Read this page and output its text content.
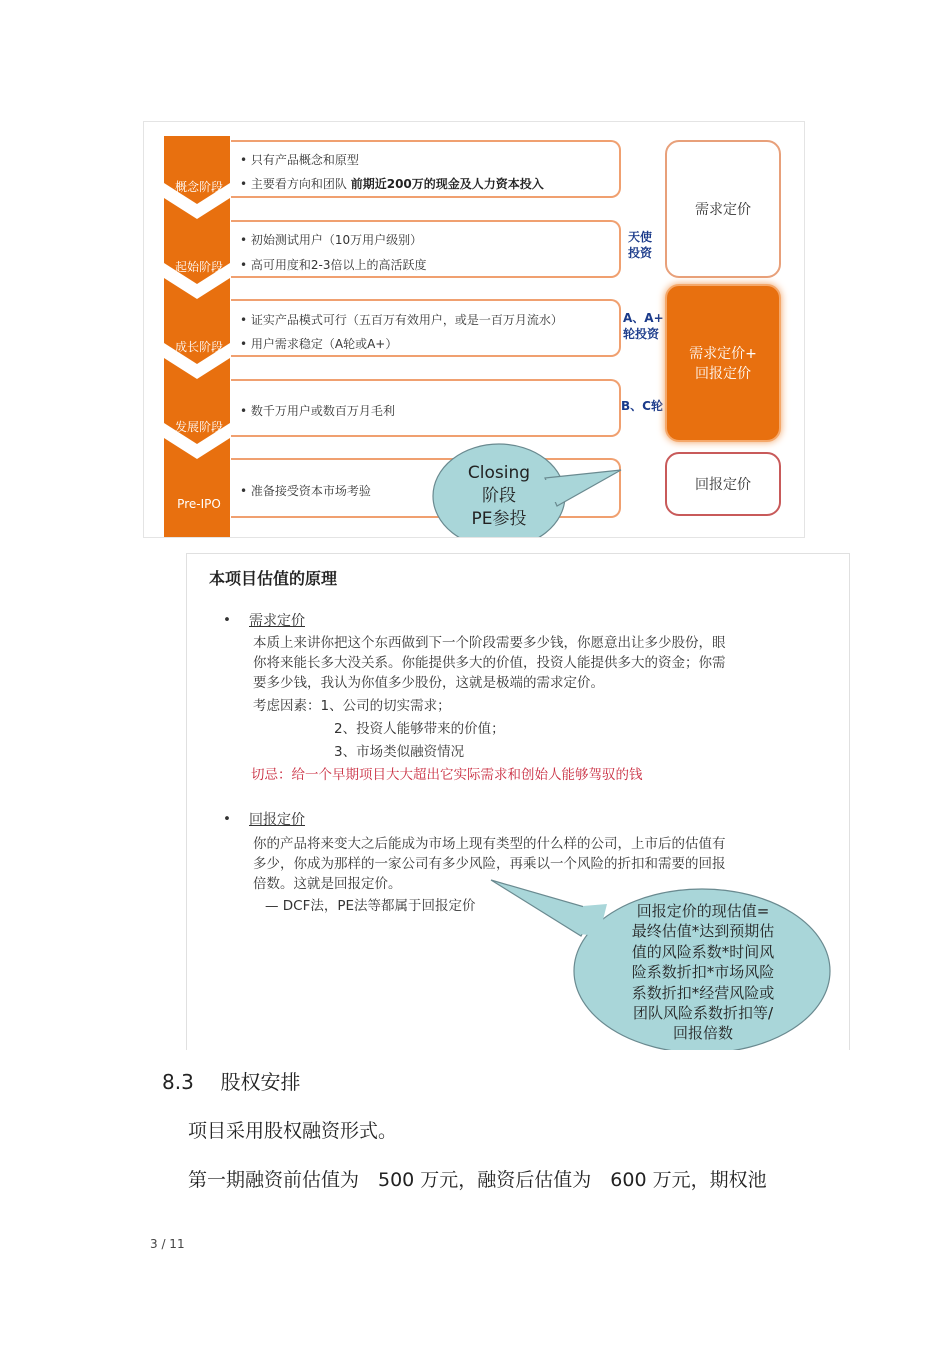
概念阶段
起始阶段
成长阶段
发展阶段
Pre-IPO
• 只有产品概念和原型
• 主要看方向和团队 前期近200万的现金及人力资本投入
• 初始测试用户（10万用户级别）
• 高可用度和2-3倍以上的高活跃度
• 证实产品模式可行（五百万有效用户，或是一百万月流水）
• 用户需求稳定（A轮或A+）
• 数千万用户或数百万月毛利
• 准备接受资本市场考验
天使
投资
A、A+
轮投资
B、C轮
需求定价
需求定价+
回报定价
回报定价
Closing
阶段
PE参投
本项目估值的原理
• 需求定价
本质上来讲你把这个东西做到下一个阶段需要多少钱，你愿意出让多少股份，眼
你将来能长多大没关系。你能提供多大的价值，投资人能提供多大的资金；你需
要多少钱，我认为你值多少股份，这就是极端的需求定价。
考虑因素：1、公司的切实需求；
2、投资人能够带来的价值；
3、市场类似融资情况
切忌：给一个早期项目大大超出它实际需求和创始人能够驾驭的钱
• 回报定价
你的产品将来变大之后能成为市场上现有类型的什么样的公司，上市后的估值有
多少，你成为那样的一家公司有多少风险，再乘以一个风险的折扣和需要的回报
倍数。这就是回报定价。
— DCF法，PE法等都属于回报定价	回报定价的现估值=
最终估值*达到预期估
值的风险系数*时间风
险系数折扣*市场风险
系数折扣*经营风险或
团队风险系数折扣等/
回报倍数
8.3 股权安排
项目采用股权融资形式。
第一期融资前估值为　500 万元，融资后估值为　600 万元，期权池
3 / 11
